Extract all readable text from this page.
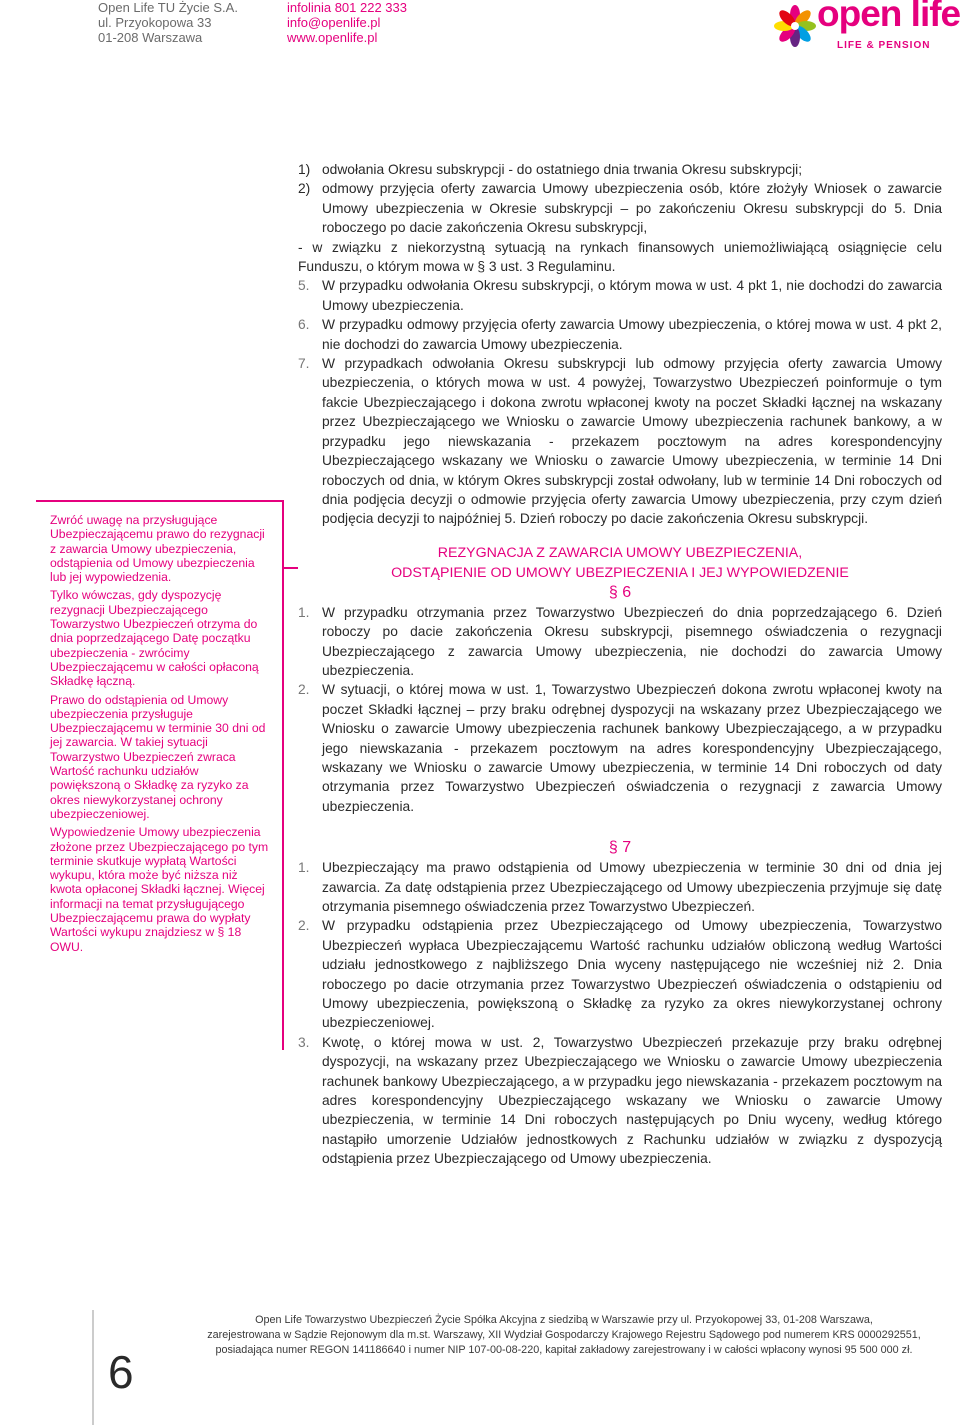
Open Life TU Życie S.A.
ul. Przyokopowa 33
01-208 Warszawa
infolinia 801 222 333
info@openlife.pl
www.openlife.pl
open life
LIFE & PENSION

Zwróć uwagę na przysługujące Ubezpieczającemu prawo do rezygnacji z zawarcia Umowy ubezpieczenia, odstąpienia od Umowy ubezpieczenia lub jej wypowiedzenia.

Tylko wówczas, gdy dyspozycję rezygnacji Ubezpieczającego Towarzystwo Ubezpieczeń otrzyma do dnia poprzedzającego Datę początku ubezpieczenia - zwrócimy Ubezpieczającemu w całości opłaconą Składkę łączną.

Prawo do odstąpienia od Umowy ubezpieczenia przysługuje Ubezpieczającemu w terminie 30 dni od jej zawarcia. W takiej sytuacji Towarzystwo Ubezpieczeń zwraca Wartość rachunku udziałów powiększoną o Składkę za ryzyko za okres niewykorzystanej ochrony ubezpieczeniowej.

Wypowiedzenie Umowy ubezpieczenia złożone przez Ubezpieczającego po tym terminie skutkuje wypłatą Wartości wykupu, która może być niższa niż kwota opłaconej Składki łącznej. Więcej informacji na temat przysługującego Ubezpieczającemu prawa do wypłaty Wartości wykupu znajdziesz w § 18 OWU.

1) odwołania Okresu subskrypcji - do ostatniego dnia trwania Okresu subskrypcji;
2) odmowy przyjęcia oferty zawarcia Umowy ubezpieczenia osób, które złożyły Wniosek o zawarcie Umowy ubezpieczenia w Okresie subskrypcji – po zakończeniu Okresu subskrypcji do 5. Dnia roboczego po dacie zakończenia Okresu subskrypcji,
- w związku z niekorzystną sytuacją na rynkach finansowych uniemożliwiającą osiągnięcie celu Funduszu, o którym mowa w § 3 ust. 3 Regulaminu.
5. W przypadku odwołania Okresu subskrypcji, o którym mowa w ust. 4 pkt 1, nie dochodzi do zawarcia Umowy ubezpieczenia.
6. W przypadku odmowy przyjęcia oferty zawarcia Umowy ubezpieczenia, o której mowa w ust. 4 pkt 2, nie dochodzi do zawarcia Umowy ubezpieczenia.
7. W przypadkach odwołania Okresu subskrypcji lub odmowy przyjęcia oferty zawarcia Umowy ubezpieczenia, o których mowa w ust. 4 powyżej, Towarzystwo Ubezpieczeń poinformuje o tym fakcie Ubezpieczającego i dokona zwrotu wpłaconej kwoty na poczet Składki łącznej na wskazany przez Ubezpieczającego we Wniosku o zawarcie Umowy ubezpieczenia rachunek bankowy, a w przypadku jego niewskazania - przekazem pocztowym na adres korespondencyjny Ubezpieczającego wskazany we Wniosku o zawarcie Umowy ubezpieczenia, w terminie 14 Dni roboczych od dnia, w którym Okres subskrypcji został odwołany, lub w terminie 14 Dni roboczych od dnia podjęcia decyzji o odmowie przyjęcia oferty zawarcia Umowy ubezpieczenia, przy czym dzień podjęcia decyzji to najpóźniej 5. Dzień roboczy po dacie zakończenia Okresu subskrypcji.
REZYGNACJA Z ZAWARCIA UMOWY UBEZPIECZENIA,
ODSTĄPIENIE OD UMOWY UBEZPIECZENIA I JEJ WYPOWIEDZENIE
§ 6
1. W przypadku otrzymania przez Towarzystwo Ubezpieczeń do dnia poprzedzającego 6. Dzień roboczy po dacie zakończenia Okresu subskrypcji, pisemnego oświadczenia o rezygnacji Ubezpieczającego z zawarcia Umowy ubezpieczenia, nie dochodzi do zawarcia Umowy ubezpieczenia.
2. W sytuacji, o której mowa w ust. 1, Towarzystwo Ubezpieczeń dokona zwrotu wpłaconej kwoty na poczet Składki łącznej – przy braku odrębnej dyspozycji na wskazany przez Ubezpieczającego we Wniosku o zawarcie Umowy ubezpieczenia rachunek bankowy Ubezpieczającego, a w przypadku jego niewskazania - przekazem pocztowym na adres korespondencyjny Ubezpieczającego, wskazany we Wniosku o zawarcie Umowy ubezpieczenia, w terminie 14 Dni roboczych od daty otrzymania przez Towarzystwo Ubezpieczeń oświadczenia o rezygnacji z zawarcia Umowy ubezpieczenia.
§ 7
1. Ubezpieczający ma prawo odstąpienia od Umowy ubezpieczenia w terminie 30 dni od dnia jej zawarcia. Za datę odstąpienia przez Ubezpieczającego od Umowy ubezpieczenia przyjmuje się datę otrzymania pisemnego oświadczenia przez Towarzystwo Ubezpieczeń.
2. W przypadku odstąpienia przez Ubezpieczającego od Umowy ubezpieczenia, Towarzystwo Ubezpieczeń wypłaca Ubezpieczającemu Wartość rachunku udziałów obliczoną według Wartości udziału jednostkowego z najbliższego Dnia wyceny następującego nie wcześniej niż 2. Dnia roboczego po dacie otrzymania przez Towarzystwo Ubezpieczeń oświadczenia o odstąpieniu od Umowy ubezpieczenia, powiększoną o Składkę za ryzyko za okres niewykorzystanej ochrony ubezpieczeniowej.
3. Kwotę, o której mowa w ust. 2, Towarzystwo Ubezpieczeń przekazuje przy braku odrębnej dyspozycji, na wskazany przez Ubezpieczającego we Wniosku o zawarcie Umowy ubezpieczenia rachunek bankowy Ubezpieczającego, a w przypadku jego niewskazania - przekazem pocztowym na adres korespondencyjny Ubezpieczającego wskazany we Wniosku o zawarcie Umowy ubezpieczenia, w terminie 14 Dni roboczych następujących po Dniu wyceny, według którego nastąpiło umorzenie Udziałów jednostkowych z Rachunku udziałów w związku z dyspozycją odstąpienia przez Ubezpieczającego od Umowy ubezpieczenia.
6
Open Life Towarzystwo Ubezpieczeń Życie Spółka Akcyjna z siedzibą w Warszawie przy ul. Przyokopowej 33, 01-208 Warszawa,
zarejestrowana w Sądzie Rejonowym dla m.st. Warszawy, XII Wydział Gospodarczy Krajowego Rejestru Sądowego pod numerem KRS 0000292551,
posiadająca numer REGON 141186640 i numer NIP 107-00-08-220, kapitał zakładowy zarejestrowany i w całości wpłacony wynosi 95 500 000 zł.
